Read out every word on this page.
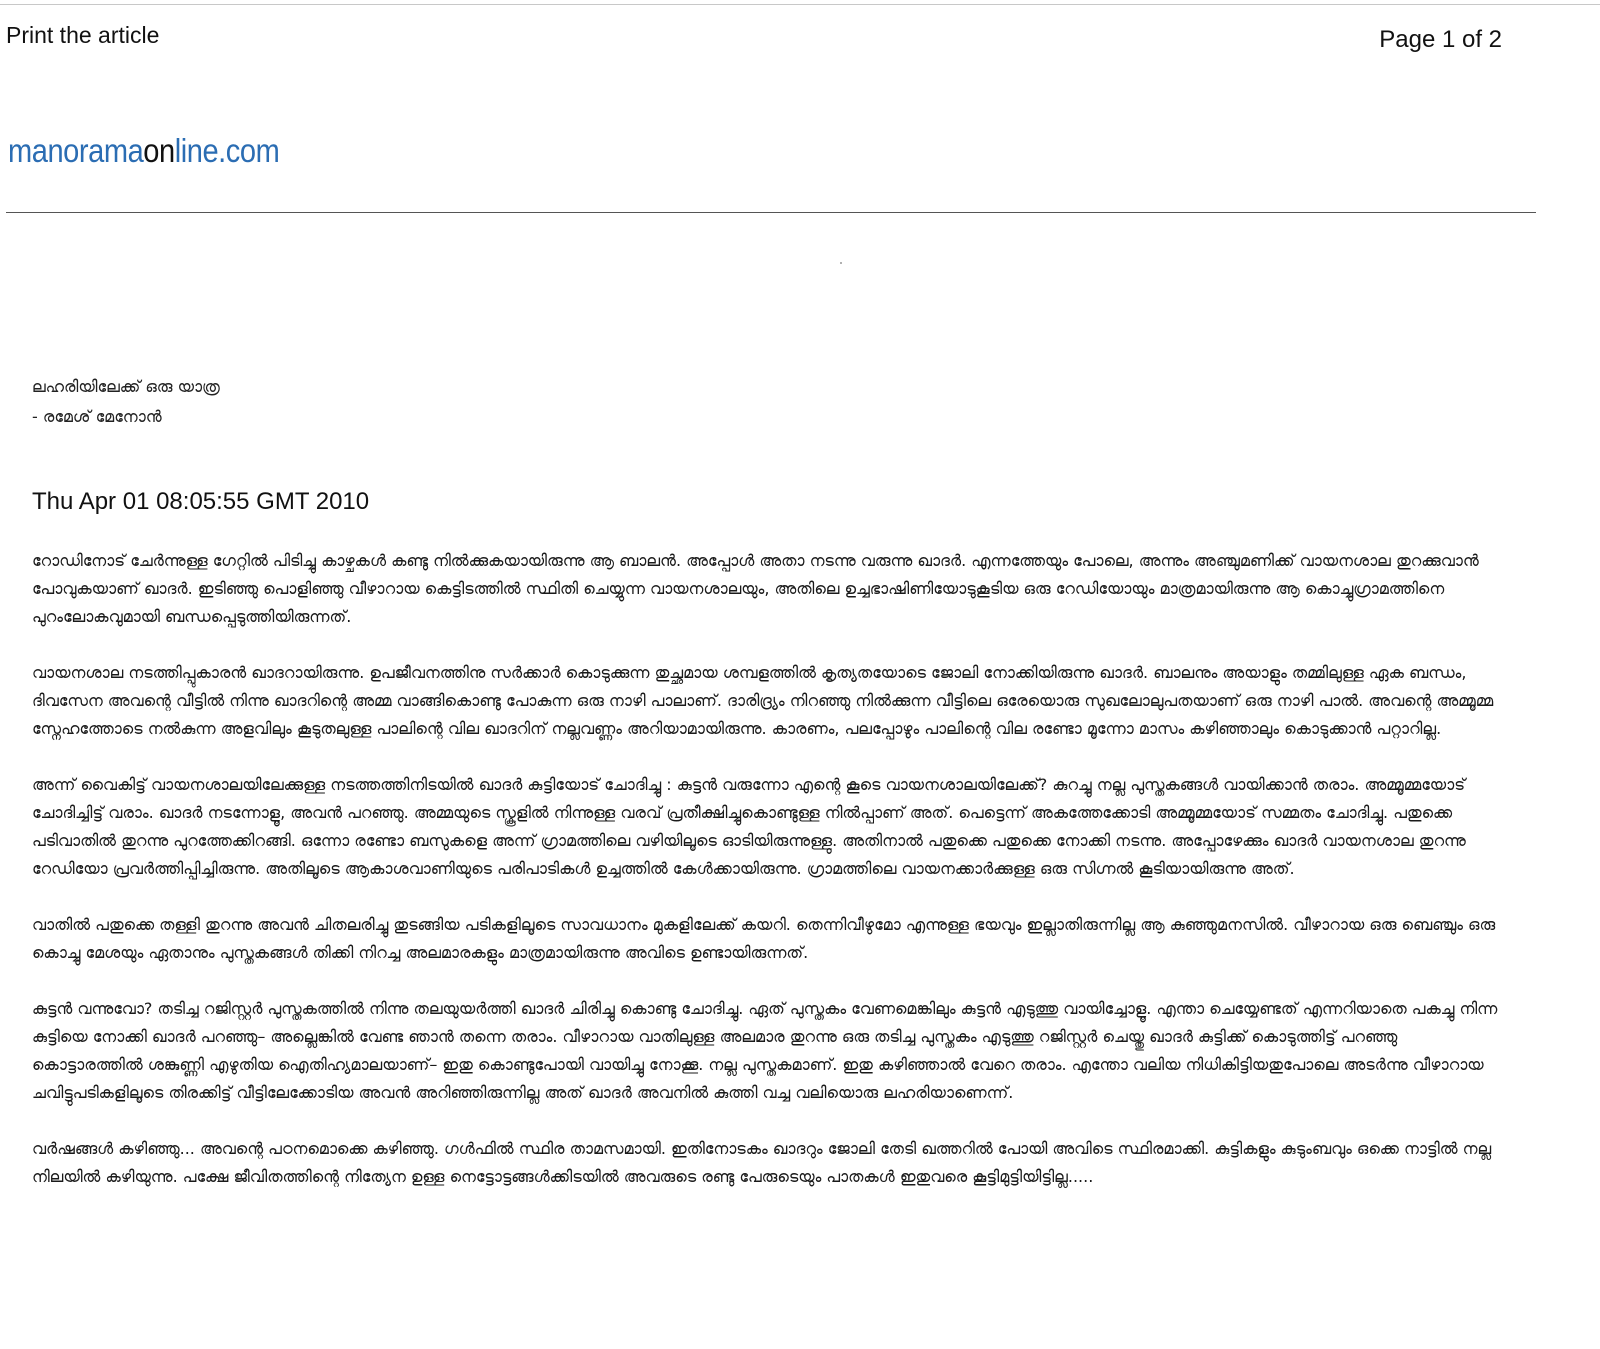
Print the article	Page 1 of 2
manoramaonline.com
ലഹരിയിലേക്ക് ഒരു യാത്ര
- രമേശ് മേനോൻ
Thu Apr 01 08:05:55 GMT 2010

റോഡിനോട് ചേർന്നുള്ള ഗേറ്റിൽ പിടിച്ചു കാഴ്ചകൾ കണ്ടു നിൽക്കുകയായിരുന്നു ആ ബാലൻ. അപ്പോൾ അതാ നടന്നു വരുന്നു ഖാദർ. എന്നത്തേയും പോലെ, അന്നും അഞ്ചുമണിക്ക് വായനശാല തുറക്കുവാൻ പോവുകയാണ് ഖാദർ. ഇടിഞ്ഞു പൊളിഞ്ഞു വീഴാറായ കെട്ടിടത്തിൽ സ്ഥിതി ചെയ്യുന്ന വായനശാലയും, അതിലെ ഉച്ചഭാഷിണിയോടുകൂടിയ ഒരു റേഡിയോയും മാത്രമായിരുന്നു ആ കൊച്ചുഗ്രാമത്തിനെ പുറംലോകവുമായി ബന്ധപ്പെടുത്തിയിരുന്നത്.

വായനശാല നടത്തിപ്പുകാരൻ ഖാദറായിരുന്നു. ഉപജീവനത്തിനു സർക്കാർ കൊടുക്കുന്ന തുച്ഛമായ ശമ്പളത്തിൽ കൃത്യതയോടെ ജോലി നോക്കിയിരുന്നു ഖാദർ. ബാലനും അയാളും തമ്മിലുള്ള ഏക ബന്ധം, ദിവസേന അവന്റെ വീട്ടിൽ നിന്നു ഖാദറിന്റെ അമ്മ വാങ്ങികൊണ്ടു പോകുന്ന ഒരു നാഴി പാലാണ്. ദാരിദ്ര്യം നിറഞ്ഞു നിൽക്കുന്ന വീട്ടിലെ ഒരേയൊരു സുഖലോലുപതയാണ് ഒരു നാഴി പാൽ. അവന്റെ അമ്മൂമ്മ സ്നേഹത്തോടെ നൽകുന്ന അളവിലും കൂടുതലുള്ള പാലിന്റെ വില ഖാദറിന് നല്ലവണ്ണം അറിയാമായിരുന്നു. കാരണം, പലപ്പോഴും പാലിന്റെ വില രണ്ടോ മൂന്നോ മാസം കഴിഞ്ഞാലും കൊടുക്കാൻ പറ്റാറില്ല.

അന്ന് വൈകിട്ട് വായനശാലയിലേക്കുള്ള നടത്തത്തിനിടയിൽ ഖാദർ കുട്ടിയോട് ചോദിച്ചു : കുട്ടൻ വരുന്നോ എന്റെ കൂടെ വായനശാലയിലേക്ക്? കുറച്ചു നല്ല പുസ്തകങ്ങൾ വായിക്കാൻ തരാം. അമ്മൂമ്മയോട് ചോദിച്ചിട്ട് വരാം. ഖാദർ നടന്നോളൂ, അവൻ പറഞ്ഞു. അമ്മയുടെ സ്കൂളിൽ നിന്നുള്ള വരവ് പ്രതീക്ഷിച്ചുകൊണ്ടുള്ള നിൽപ്പാണ് അത്. പെട്ടെന്ന് അകത്തേക്കോടി അമ്മൂമ്മയോട് സമ്മതം ചോദിച്ചു. പതുക്കെ പടിവാതിൽ തുറന്നു പുറത്തേക്കിറങ്ങി. ഒന്നോ രണ്ടോ ബസുകളെ അന്ന് ഗ്രാമത്തിലെ വഴിയിലൂടെ ഓടിയിരുന്നുള്ളു. അതിനാൽ പതുക്കെ പതുക്കെ നോക്കി നടന്നു. അപ്പോഴേക്കും ഖാദർ വായനശാല തുറന്നു റേഡിയോ പ്രവർത്തിപ്പിച്ചിരുന്നു. അതിലൂടെ ആകാശവാണിയുടെ പരിപാടികൾ ഉച്ചത്തിൽ കേൾക്കായിരുന്നു. ഗ്രാമത്തിലെ വായനക്കാർക്കുള്ള ഒരു സിഗ്നൽ കൂടിയായിരുന്നു അത്.

വാതിൽ പതുക്കെ തള്ളി തുറന്നു അവൻ ചിതലരിച്ചു തുടങ്ങിയ പടികളിലൂടെ സാവധാനം മുകളിലേക്ക് കയറി. തെന്നിവീഴുമോ എന്നുള്ള ഭയവും ഇല്ലാതിരുന്നില്ല ആ കുഞ്ഞുമനസിൽ. വീഴാറായ ഒരു ബെഞ്ചും ഒരു കൊച്ചു മേശയും ഏതാനും പുസ്തകങ്ങൾ തിക്കി നിറച്ച അലമാരകളും മാത്രമായിരുന്നു അവിടെ ഉണ്ടായിരുന്നത്.

കുട്ടൻ വന്നുവോ? തടിച്ച റജിസ്റ്റർ പുസ്തകത്തിൽ നിന്നു തലയുയർത്തി ഖാദർ ചിരിച്ചു കൊണ്ടു ചോദിച്ചു. ഏത് പുസ്തകം വേണമെങ്കിലും കുട്ടൻ എടുത്തു വായിച്ചോളൂ. എന്താ ചെയ്യേണ്ടത് എന്നറിയാതെ പകച്ചു നിന്ന കുട്ടിയെ നോക്കി ഖാദർ പറഞ്ഞു– അല്ലെങ്കിൽ വേണ്ട ഞാൻ തന്നെ തരാം. വീഴാറായ വാതിലുള്ള അലമാര തുറന്നു ഒരു തടിച്ച പുസ്തകം എടുത്തു റജിസ്റ്റർ ചെയ്തു ഖാദർ കുട്ടിക്ക് കൊടുത്തിട്ട് പറഞ്ഞു കൊട്ടാരത്തിൽ ശങ്കുണ്ണി എഴുതിയ ഐതിഹ്യമാലയാണ്– ഇതു കൊണ്ടുപോയി വായിച്ചു നോക്കൂ. നല്ല പുസ്തകമാണ്. ഇതു കഴിഞ്ഞാൽ വേറെ തരാം. എന്തോ വലിയ നിധികിട്ടിയതുപോലെ അടർന്നു വീഴാറായ ചവിട്ടുപടികളിലൂടെ തിരക്കിട്ട് വീട്ടിലേക്കോടിയ അവൻ അറിഞ്ഞിരുന്നില്ല അത് ഖാദർ അവനിൽ കുത്തി വച്ച വലിയൊരു ലഹരിയാണെന്ന്.

വർഷങ്ങൾ കഴിഞ്ഞു... അവന്റെ പഠനമൊക്കെ കഴിഞ്ഞു. ഗൾഫിൽ സ്ഥിര താമസമായി. ഇതിനോടകം ഖാദറും ജോലി തേടി ഖത്തറിൽ പോയി അവിടെ സ്ഥിരമാക്കി. കുട്ടികളും കുടുംബവും ഒക്കെ നാട്ടിൽ നല്ല നിലയിൽ കഴിയുന്നു. പക്ഷേ ജീവിതത്തിന്റെ നിത്യേന ഉള്ള നെട്ടോട്ടങ്ങൾക്കിടയിൽ അവരുടെ രണ്ടു പേരുടെയും പാതകൾ ഇതുവരെ കൂട്ടിമുട്ടിയിട്ടില്ല.....
